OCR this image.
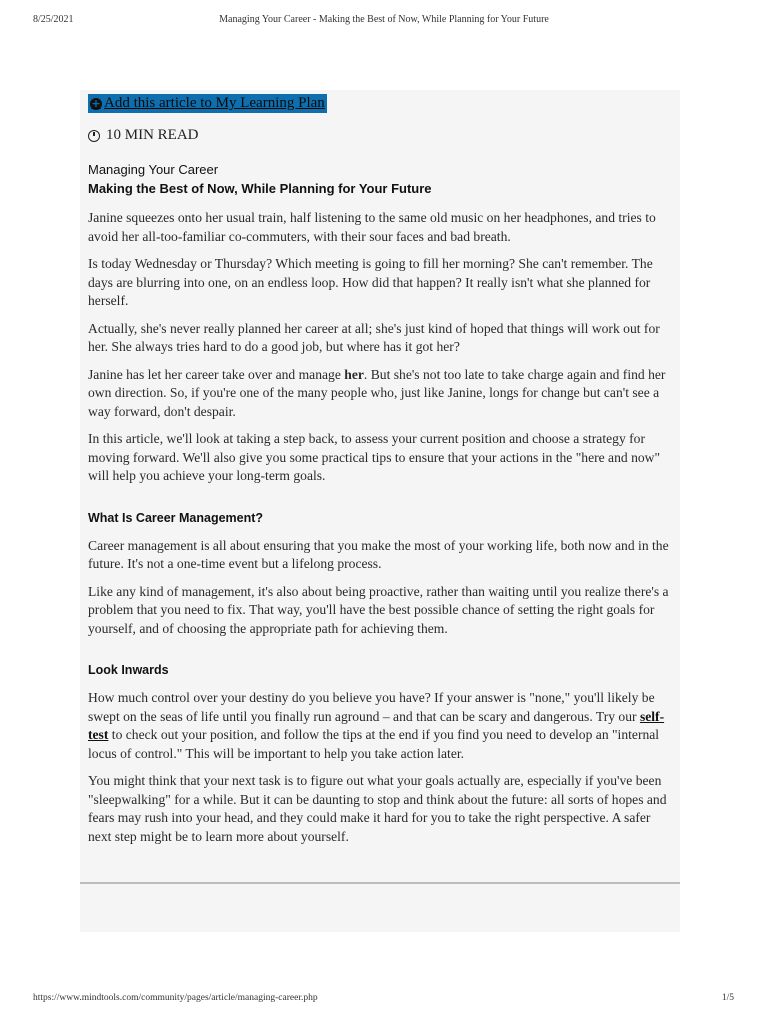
8/25/2021	Managing Your Career - Making the Best of Now, While Planning for Your Future
+ Add this article to My Learning Plan
10 MIN READ
Managing Your Career
Making the Best of Now, While Planning for Your Future

Janine squeezes onto her usual train, half listening to the same old music on her headphones, and tries to avoid her all-too-familiar co-commuters, with their sour faces and bad breath.

Is today Wednesday or Thursday? Which meeting is going to fill her morning? She can't remember. The days are blurring into one, on an endless loop. How did that happen? It really isn't what she planned for herself.

Actually, she's never really planned her career at all; she's just kind of hoped that things will work out for her. She always tries hard to do a good job, but where has it got her?

Janine has let her career take over and manage her. But she's not too late to take charge again and find her own direction. So, if you're one of the many people who, just like Janine, longs for change but can't see a way forward, don't despair.

In this article, we'll look at taking a step back, to assess your current position and choose a strategy for moving forward. We'll also give you some practical tips to ensure that your actions in the "here and now" will help you achieve your long-term goals.

What Is Career Management?

Career management is all about ensuring that you make the most of your working life, both now and in the future. It's not a one-time event but a lifelong process.

Like any kind of management, it's also about being proactive, rather than waiting until you realize there's a problem that you need to fix. That way, you'll have the best possible chance of setting the right goals for yourself, and of choosing the appropriate path for achieving them.

Look Inwards

How much control over your destiny do you believe you have? If your answer is "none," you'll likely be swept on the seas of life until you finally run aground – and that can be scary and dangerous. Try our self-test to check out your position, and follow the tips at the end if you find you need to develop an "internal locus of control." This will be important to help you take action later.

You might think that your next task is to figure out what your goals actually are, especially if you've been "sleepwalking" for a while. But it can be daunting to stop and think about the future: all sorts of hopes and fears may rush into your head, and they could make it hard for you to take the right perspective. A safer next step might be to learn more about yourself.

https://www.mindtools.com/community/pages/article/managing-career.php	1/5
